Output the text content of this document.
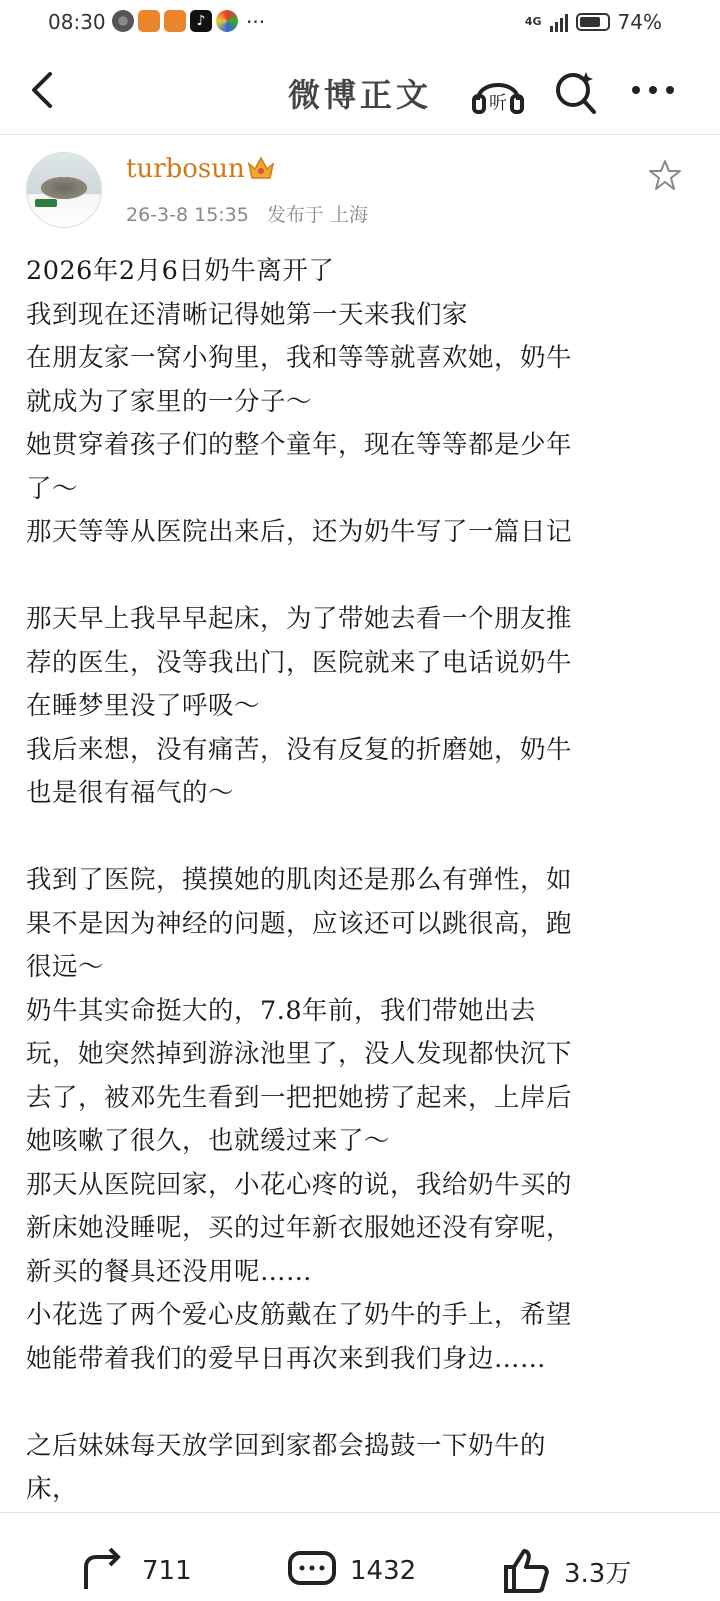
08:30	♪	···	4G	74%
微博正文	听
turbosun
26-3-8 15:35 发布于 上海

2026年2月6日奶牛离开了

我到现在还清晰记得她第一天来我们家

在朋友家一窝小狗里，我和等等就喜欢她，奶牛

就成为了家里的一分子～

她贯穿着孩子们的整个童年，现在等等都是少年

了～

那天等等从医院出来后，还为奶牛写了一篇日记

那天早上我早早起床，为了带她去看一个朋友推

荐的医生，没等我出门，医院就来了电话说奶牛

在睡梦里没了呼吸～

我后来想，没有痛苦，没有反复的折磨她，奶牛

也是很有福气的～

我到了医院，摸摸她的肌肉还是那么有弹性，如

果不是因为神经的问题，应该还可以跳很高，跑

很远～

奶牛其实命挺大的，7.8年前，我们带她出去

玩，她突然掉到游泳池里了，没人发现都快沉下

去了，被邓先生看到一把把她捞了起来，上岸后

她咳嗽了很久，也就缓过来了～

那天从医院回家，小花心疼的说，我给奶牛买的

新床她没睡呢，买的过年新衣服她还没有穿呢，

新买的餐具还没用呢……

小花选了两个爱心皮筋戴在了奶牛的手上，希望

她能带着我们的爱早日再次来到我们身边……

之后妹妹每天放学回到家都会捣鼓一下奶牛的

床，

711	1432	3.3万
